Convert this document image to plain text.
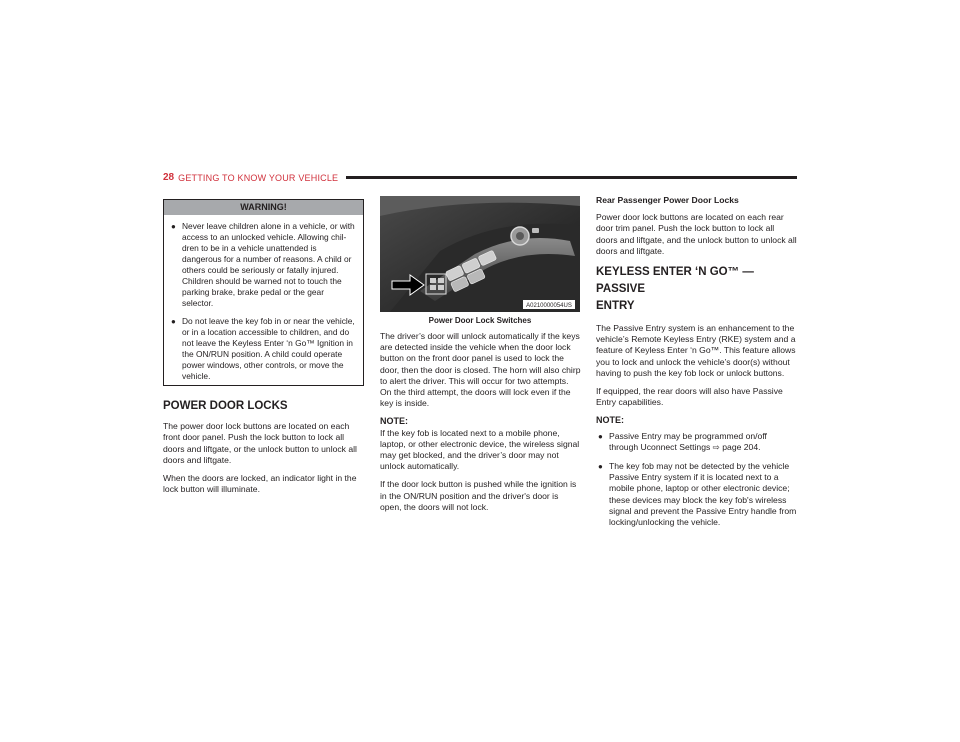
28 GETTING TO KNOW YOUR VEHICLE
WARNING!
● Never leave children alone in a vehicle, or with access to an unlocked vehicle. Allowing chil-dren to be in a vehicle unattended is dangerous for a number of reasons. A child or others could be seriously or fatally injured. Children should be warned not to touch the parking brake, brake pedal or the gear selector.
● Do not leave the key fob in or near the vehicle, or in a location accessible to children, and do not leave the Keyless Enter ‘n Go™ Ignition in the ON/RUN position. A child could operate power windows, other controls, or move the vehicle.
POWER DOOR LOCKS

The power door lock buttons are located on each front door panel. Push the lock button to lock all doors and liftgate, or the unlock button to unlock all doors and liftgate.

When the doors are locked, an indicator light in the lock button will illuminate.

A0210000054US
Power Door Lock Switches

The driver’s door will unlock automatically if the keys are detected inside the vehicle when the door lock button on the front door panel is used to lock the door, then the door is closed. The horn will also chirp to alert the driver. This will occur for two attempts. On the third attempt, the doors will lock even if the key is inside.

NOTE:

If the key fob is located next to a mobile phone, laptop, or other electronic device, the wireless signal may get blocked, and the driver’s door may not unlock automatically.

If the door lock button is pushed while the ignition is in the ON/RUN position and the driver's door is open, the doors will not lock.

Rear Passenger Power Door Locks

Power door lock buttons are located on each rear door trim panel. Push the lock button to lock all doors and liftgate, and the unlock button to unlock all doors and liftgate.

KEYLESS ENTER ‘N GO™ — PASSIVE
ENTRY

The Passive Entry system is an enhancement to the vehicle’s Remote Keyless Entry (RKE) system and a feature of Keyless Enter ‘n Go™. This feature allows you to lock and unlock the vehicle’s door(s) without having to push the key fob lock or unlock buttons.

If equipped, the rear doors will also have Passive Entry capabilities.

NOTE:
● Passive Entry may be programmed on/off through Uconnect Settings ⇨ page 204.
● The key fob may not be detected by the vehicle Passive Entry system if it is located next to a mobile phone, laptop or other electronic device; these devices may block the key fob's wireless signal and prevent the Passive Entry handle from locking/unlocking the vehicle.
